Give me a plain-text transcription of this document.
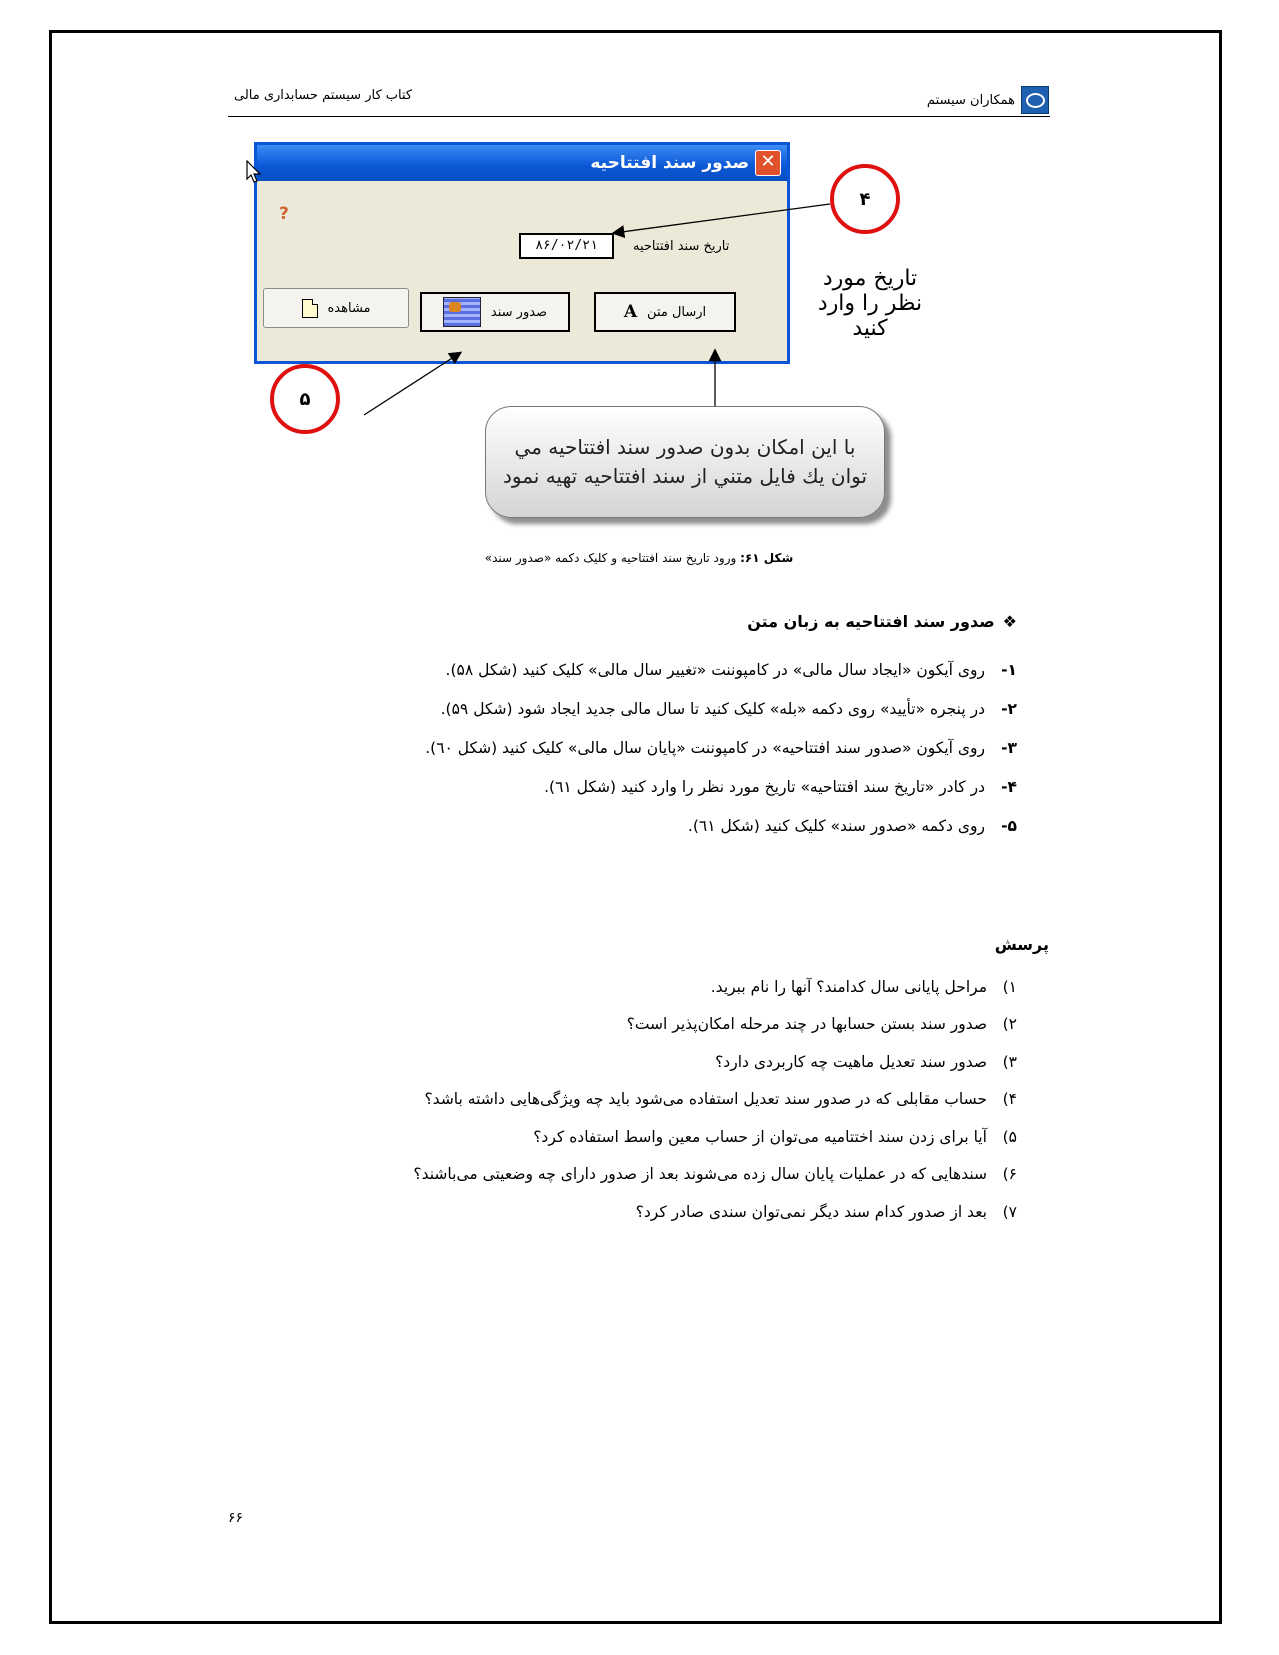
همکاران سیستم
کتاب کار سیستم حسابداری مالی
✕
صدور سند افتتاحیه
?
تاریخ سند افتتاحیه
۸۶/۰۲/۲۱
ارسال متن
A
صدور سند
مشاهده
۴
۵
تاریخ مورد نظر را وارد کنید
با این امکان بدون صدور سند افتتاحیه مي توان يك فايل متني از سند افتتاحیه تهیه نمود
شکل ۶۱: ورود تاریخ سند افتتاحیه و کلیک دکمه «صدور سند»
❖
صدور سند افتتاحیه به زبان متن
۱-
روی آیکون «ایجاد سال مالی» در کامپوننت «تغییر سال مالی» کلیک کنید (شکل ۵۸).
۲-
در پنجره «تأیید» روی دکمه «بله» کلیک کنید تا سال مالی جدید ایجاد شود (شکل ۵۹).
۳-
روی آیکون «صدور سند افتتاحیه» در کامپوننت «پایان سال مالی» کلیک کنید (شکل ٦٠).
۴-
در کادر «تاریخ سند افتتاحیه» تاریخ مورد نظر را وارد کنید (شکل ٦١).
۵-
روی دکمه «صدور سند» کلیک کنید (شکل ٦١).
پرسش
۱)
مراحل پایانی سال کدامند؟ آنها را نام ببرید.
۲)
صدور سند بستن حسابها در چند مرحله امکان‌پذیر است؟
۳)
صدور سند تعدیل ماهیت چه کاربردی دارد؟
۴)
حساب مقابلی که در صدور سند تعدیل استفاده می‌شود باید چه ویژگی‌هایی داشته باشد؟
۵)
آیا برای زدن سند اختتامیه می‌توان از حساب معین واسط استفاده کرد؟
۶)
سندهایی که در عملیات پایان سال زده می‌شوند بعد از صدور دارای چه وضعیتی می‌باشند؟
۷)
بعد از صدور کدام سند دیگر نمی‌توان سندی صادر کرد؟
۶۶
